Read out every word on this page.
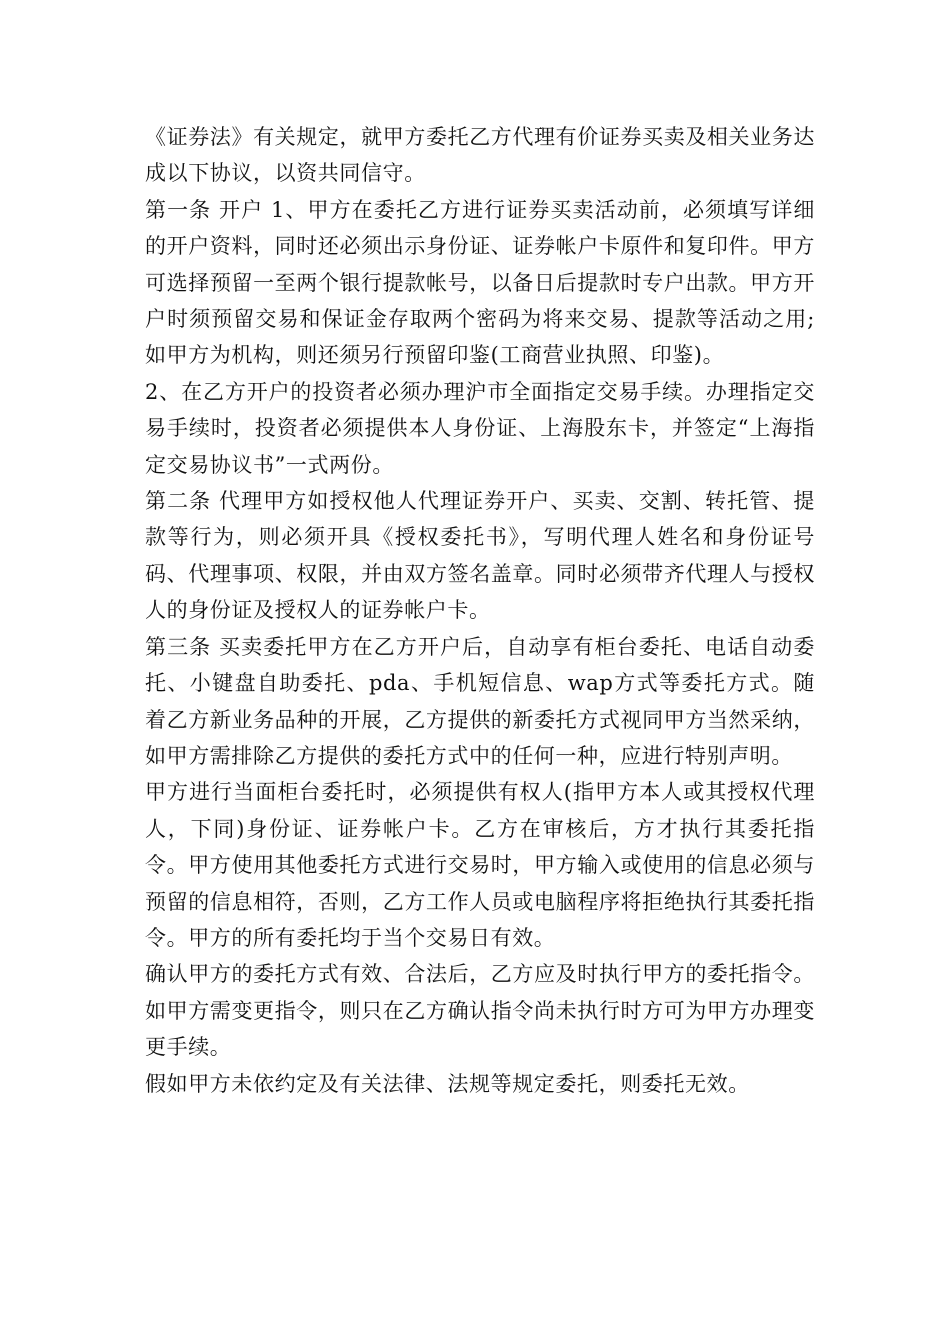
《证券法》有关规定，就甲方委托乙方代理有价证券买卖及相关业务达成以下协议，以资共同信守。

第一条 开户 1、甲方在委托乙方进行证券买卖活动前，必须填写详细的开户资料，同时还必须出示身份证、证券帐户卡原件和复印件。甲方可选择预留一至两个银行提款帐号，以备日后提款时专户出款。甲方开户时须预留交易和保证金存取两个密码为将来交易、提款等活动之用;如甲方为机构，则还须另行预留印鉴(工商营业执照、印鉴)。

2、在乙方开户的投资者必须办理沪市全面指定交易手续。办理指定交易手续时，投资者必须提供本人身份证、上海股东卡，并签定“上海指定交易协议书”一式两份。

第二条 代理甲方如授权他人代理证券开户、买卖、交割、转托管、提款等行为，则必须开具《授权委托书》，写明代理人姓名和身份证号码、代理事项、权限，并由双方签名盖章。同时必须带齐代理人与授权人的身份证及授权人的证券帐户卡。

第三条 买卖委托甲方在乙方开户后，自动享有柜台委托、电话自动委托、小键盘自助委托、pda、手机短信息、wap方式等委托方式。随着乙方新业务品种的开展，乙方提供的新委托方式视同甲方当然采纳，如甲方需排除乙方提供的委托方式中的任何一种，应进行特别声明。

甲方进行当面柜台委托时，必须提供有权人(指甲方本人或其授权代理人，下同)身份证、证券帐户卡。乙方在审核后，方才执行其委托指令。甲方使用其他委托方式进行交易时，甲方输入或使用的信息必须与预留的信息相符，否则，乙方工作人员或电脑程序将拒绝执行其委托指令。甲方的所有委托均于当个交易日有效。

确认甲方的委托方式有效、合法后，乙方应及时执行甲方的委托指令。如甲方需变更指令，则只在乙方确认指令尚未执行时方可为甲方办理变更手续。

假如甲方未依约定及有关法律、法规等规定委托，则委托无效。
